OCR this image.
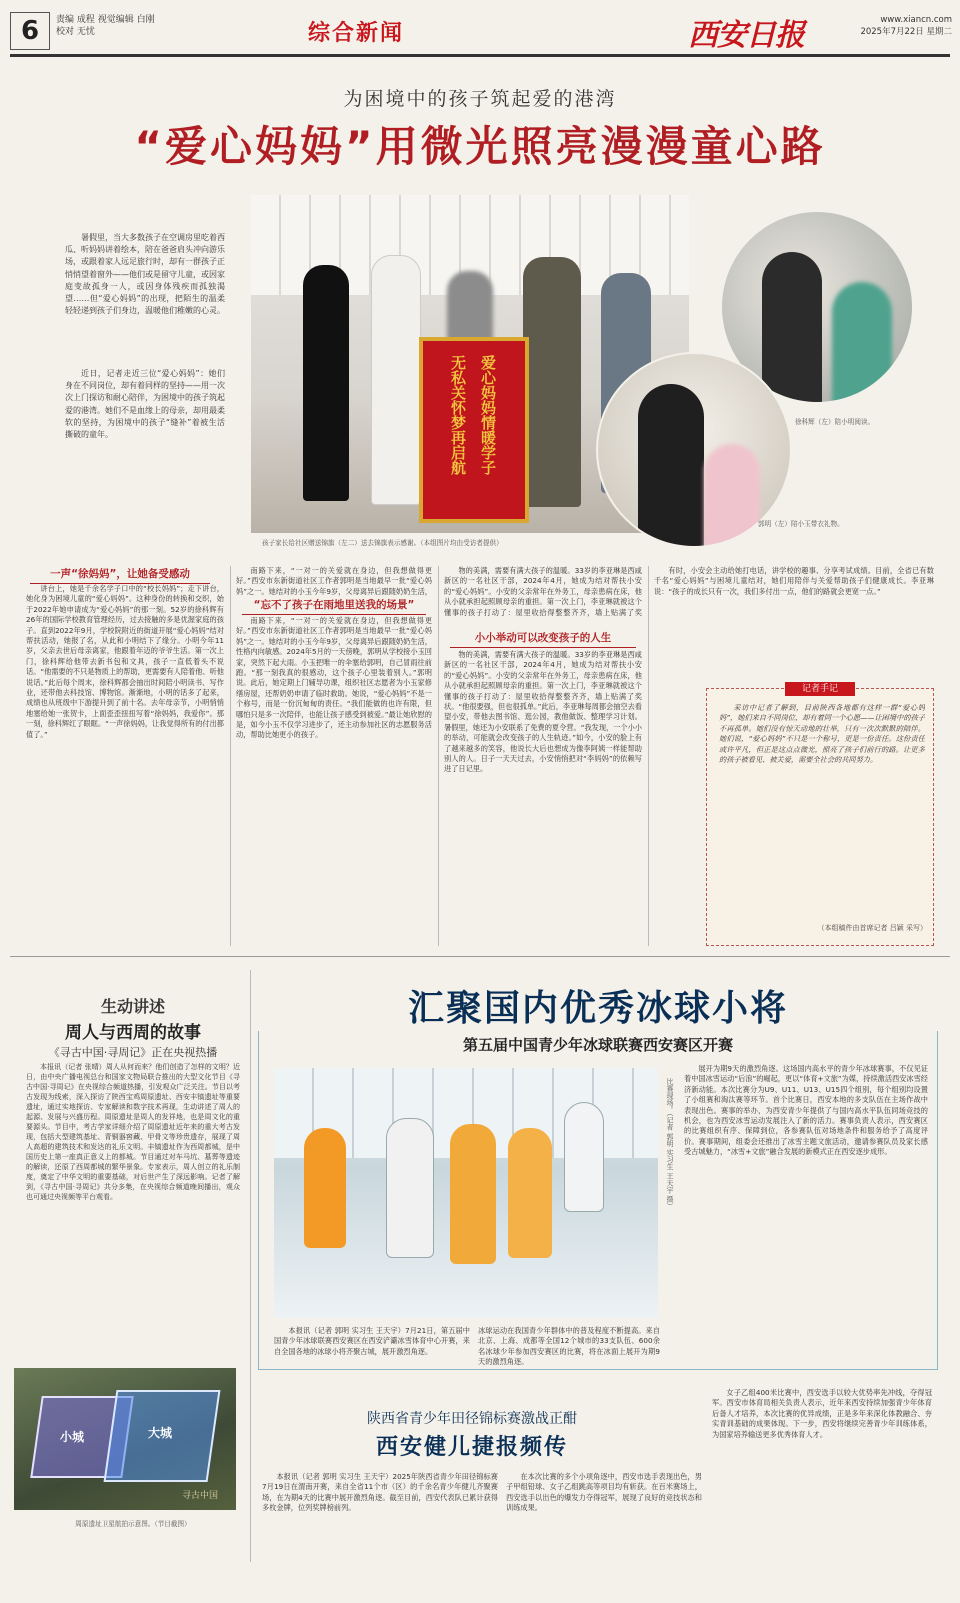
6	责编 成程 视觉编辑 白刚
校对 无忧	综合新闻	西安日报	www.xiancn.com
2025年7月22日 星期二
为困境中的孩子筑起爱的港湾
“爱心妈妈”用微光照亮漫漫童心路
暑假里，当大多数孩子在空调房里吃着西瓜、听妈妈讲着绘本，陪在爸爸肩头冲向游乐场，或跟着家人远足旅行时，却有一群孩子正悄悄望着窗外——他们或是留守儿童，或因家庭变故孤身一人，或因身体残疾而孤独渴望……但“爱心妈妈”的出现，把陌生的温柔轻轻递到孩子们身边，温暖他们稚嫩的心灵。
近日，记者走近三位“爱心妈妈”：她们身在不同岗位，却有着同样的坚持——用一次次上门探访和耐心陪伴，为困境中的孩子筑起爱的港湾。她们不是血缘上的母亲，却用最柔软的坚持，为困境中的孩子“缝补”着被生活撕破的童年。	爱心妈妈情暖学子
无私关怀梦再启航
孩子家长给社区赠送锦旗（左二）送去锦旗表示感谢。（本组图片均由受访者提供）
徐科辉（左）陪小明阅读。
郭明（左）陪小玉带衣礼物。
一声“徐妈妈”，让她备受感动
讲台上，她是千余名学子口中的“校长妈妈”；走下讲台，她化身为困境儿童的“爱心妈妈”。这种身份的转换和交织，始于2022年她申请成为“爱心妈妈”的那一刻。52岁的徐科辉有26年的国际学校教育管理经历，过去接触的多是优渥家庭的孩子。直到2022年9月，学校院附近的街道开展“爱心妈妈”结对帮扶活动，她报了名，从此和小明结下了缘分。小明今年11岁，父亲去世后母亲离家，他跟着年迈的爷爷生活。第一次上门，徐科辉给他带去新书包和文具，孩子一直低着头不说话。“他需要的不只是物质上的帮助，更需要有人陪着他、听他说话。”此后每个周末，徐科辉都会抽出时间陪小明读书、写作业，还带他去科技馆、博物馆。渐渐地，小明的话多了起来，成绩也从班级中下游提升到了前十名。去年母亲节，小明悄悄地塞给她一张贺卡，上面歪歪扭扭写着“徐妈妈，我爱你”。那一刻，徐科辉红了眼眶。“一声徐妈妈，让我觉得所有的付出都值了。”
南路下来，“一对一的关爱就在身边，但我想做得更好。”西安市东新街道社区工作者郭明是当地最早一批“爱心妈妈”之一。她结对的小玉今年9岁，父母离异后跟随奶奶生活，
“忘不了孩子在雨地里送我的场景”
南路下来，“一对一的关爱就在身边，但我想做得更好。”西安市东新街道社区工作者郭明是当地最早一批“爱心妈妈”之一。她结对的小玉今年9岁，父母离异后跟随奶奶生活，性格内向敏感。2024年5月的一天傍晚，郭明从学校接小玉回家，突然下起大雨。小玉把唯一的伞塞给郭明，自己冒雨往前跑。“那一刻我真的很感动，这个孩子心里装着别人。”郭明说。此后，她定期上门辅导功课，组织社区志愿者为小玉家修缮房屋，还帮奶奶申请了临时救助。她说，“爱心妈妈”不是一个称号，而是一份沉甸甸的责任。“我们能做的也许有限，但哪怕只是多一次陪伴，也能让孩子感受到被爱。”最让她欣慰的是，如今小玉不仅学习进步了，还主动参加社区的志愿服务活动，帮助比她更小的孩子。
物的美满，需要有满大孩子的温暖。33岁的李亚琳是西咸新区的一名社区干部，2024年4月，她成为结对帮扶小安的“爱心妈妈”。小安的父亲常年在外务工，母亲患病在床，他从小就承担起照顾母亲的重担。第一次上门，李亚琳就被这个懂事的孩子打动了：屋里收拾得整整齐齐，墙上贴满了奖
小小举动可以改变孩子的人生
物的美满，需要有满大孩子的温暖。33岁的李亚琳是西咸新区的一名社区干部，2024年4月，她成为结对帮扶小安的“爱心妈妈”。小安的父亲常年在外务工，母亲患病在床，他从小就承担起照顾母亲的重担。第一次上门，李亚琳就被这个懂事的孩子打动了：屋里收拾得整整齐齐，墙上贴满了奖状。“他很要强，但也很孤单。”此后，李亚琳每周都会抽空去看望小安，带他去图书馆、逛公园，教他做饭、整理学习计划。暑假里，她还为小安联系了免费的夏令营。“我发现，一个小小的举动，可能就会改变孩子的人生轨迹。”如今，小安的脸上有了越来越多的笑容，他说长大后也想成为像李阿姨一样能帮助别人的人。日子一天天过去，小安悄悄把对“李妈妈”的依赖写进了日记里。
有时，小安会主动给她打电话，讲学校的趣事、分享考试成绩。目前，全省已有数千名“爱心妈妈”与困境儿童结对，她们用陪伴与关爱帮助孩子们健康成长。李亚琳说：“孩子的成长只有一次，我们多付出一点，他们的路就会更宽一点。”
记者手记
采访中记者了解到，目前陕西各地都有这样一群“爱心妈妈”，她们来自不同岗位，却有着同一个心愿——让困境中的孩子不再孤单。她们没有惊天动地的壮举，只有一次次默默的陪伴。她们说，“爱心妈妈”不只是一个称号，更是一份责任。这份责任或许平凡，但正是这点点微光，照亮了孩子们前行的路。让更多的孩子被看见、被关爱，需要全社会的共同努力。
（本组稿件由首席记者 吕颖 采写）
生动讲述
周人与西周的故事
《寻古中国·寻周记》正在央视热播
本报讯（记者 张晴）周人从何而来？他们创造了怎样的文明？近日，由中央广播电视总台和国家文物局联合推出的大型文化节目《寻古中国·寻周记》在央视综合频道热播，引发观众广泛关注。节目以考古发现为线索，深入探访了陕西宝鸡周原遗址、西安丰镐遗址等重要遗址，通过实地探访、专家解读和数字技术再现，生动讲述了周人的起源、发展与兴盛历程。周原遗址是周人的发祥地，也是周文化的重要源头。节目中，考古学家详细介绍了周原遗址近年来的重大考古发现，包括大型建筑基址、青铜器窖藏、甲骨文等珍贵遗存，展现了周人高超的建筑技术和发达的礼乐文明。丰镐遗址作为西周都城，是中国历史上第一座真正意义上的都城。节目通过对车马坑、墓葬等遗迹的解读，还原了西周都城的繁华景象。专家表示，周人创立的礼乐制度，奠定了中华文明的重要基础，对后世产生了深远影响。记者了解到，《寻古中国·寻周记》共分多集，在央视综合频道晚间播出，观众也可通过央视频等平台观看。
大城
小城
寻古中国
周原遗址卫星航拍示意图。（节目截图）
汇聚国内优秀冰球小将
第五届中国青少年冰球联赛西安赛区开赛
比赛现场。（记者 郭明 实习生 王天宇 摄）
本报讯（记者 郭明 实习生 王天宇）7月21日，第五届中国青少年冰球联赛西安赛区在西安浐灞冰雪体育中心开赛，来自全国各地的冰球小将齐聚古城，展开激烈角逐。
冰球运动在我国青少年群体中的普及程度不断提高。来自北京、上海、成都等全国12个城市的33支队伍、600余名冰球少年参加西安赛区的比赛，将在冰面上展开为期9天的激烈角逐。
展开为期9天的激烈角逐。这场国内高水平的青少年冰球赛事，不仅见证着中国冰雪运动“后浪”的崛起，更以“体育+文旅”为媒，持续激活西安冰雪经济新动能。本次比赛分为U9、U11、U13、U15四个组别，每个组别均设置了小组赛和淘汰赛等环节。首个比赛日，西安本地的多支队伍在主场作战中表现出色。赛事的举办，为西安青少年提供了与国内高水平队伍同场竞技的机会，也为西安冰雪运动发展注入了新的活力。赛事负责人表示，西安赛区的比赛组织有序、保障到位，各参赛队伍对场地条件和服务给予了高度评价。赛事期间，组委会还推出了冰雪主题文旅活动，邀请参赛队员及家长感受古城魅力，“冰雪+文旅”融合发展的新模式正在西安逐步成形。
陕西省青少年田径锦标赛激战正酣
西安健儿捷报频传
本报讯（记者 郭明 实习生 王天宇）2025年陕西省青少年田径锦标赛7月19日在渭南开赛，来自全省11个市（区）的千余名青少年健儿齐聚赛场，在为期4天的比赛中展开激烈角逐。截至目前，西安代表队已累计获得多枚金牌，位列奖牌榜前列。
在本次比赛的多个小项角逐中，西安市选手表现出色，男子甲组铅球、女子乙组跳高等项目均有斩获。在百米赛场上，西安选手以出色的爆发力夺得冠军，展现了良好的竞技状态和训练成果。
女子乙组400米比赛中，西安选手以较大优势率先冲线，夺得冠军。西安市体育局相关负责人表示，近年来西安持续加强青少年体育后备人才培养，本次比赛的优异成绩，正是多年来深化体教融合、夯实青训基础的成果体现。下一步，西安将继续完善青少年训练体系，为国家培养输送更多优秀体育人才。
